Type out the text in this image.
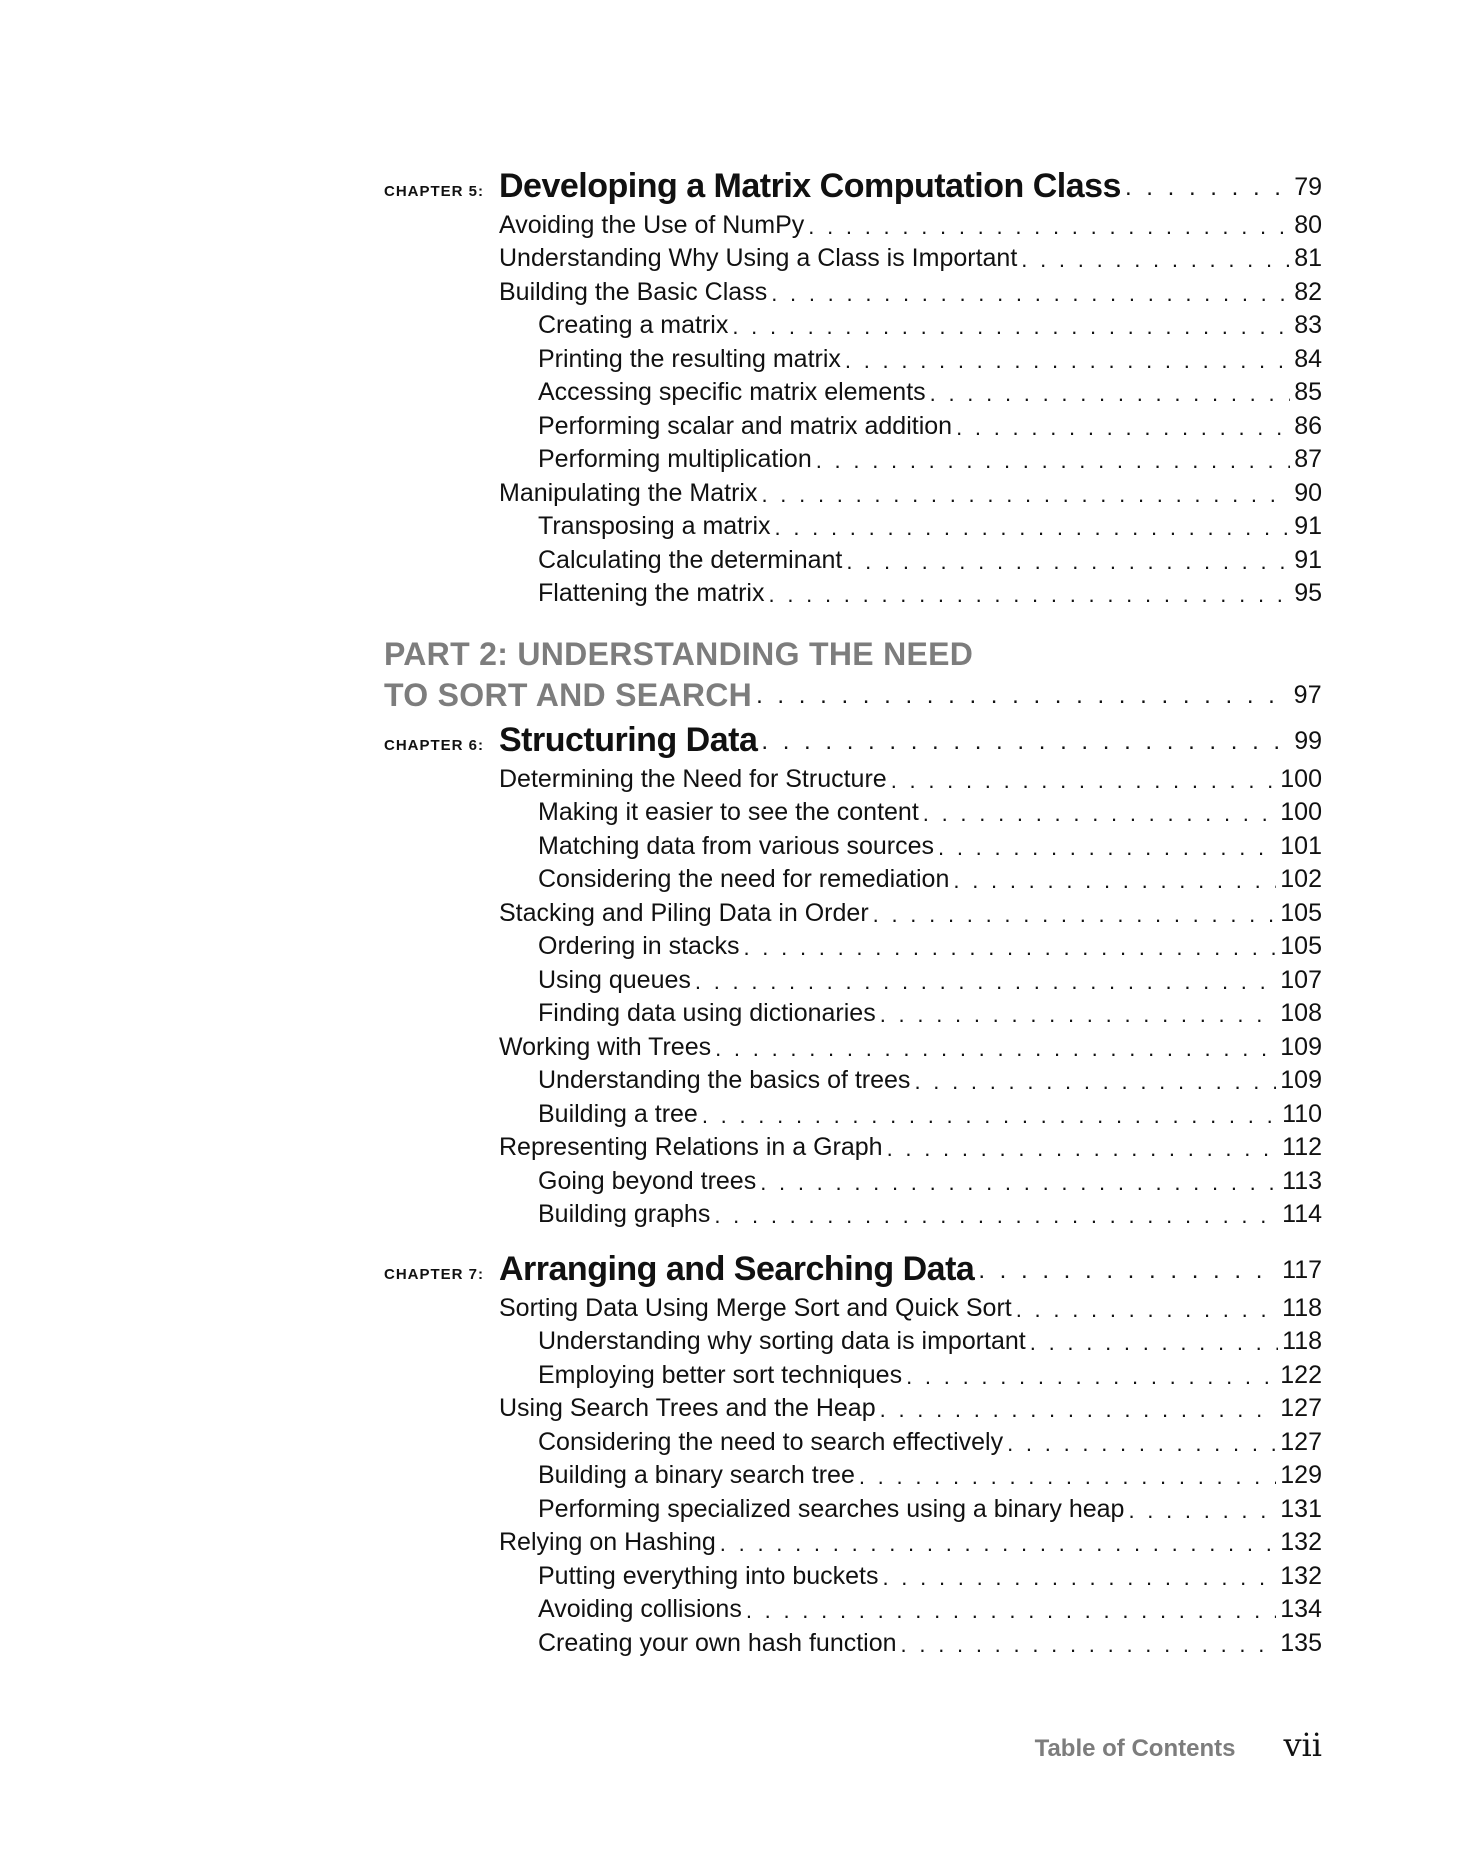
CHAPTER 5: Developing a Matrix Computation Class . . .	79
Avoiding the Use of NumPy . . .	80
Understanding Why Using a Class is Important . . .	81
Building the Basic Class . . .	82
Creating a matrix . . .	83
Printing the resulting matrix . . .	84
Accessing specific matrix elements . . .	85
Performing scalar and matrix addition . . .	86
Performing multiplication . . .	87
Manipulating the Matrix . . .	90
Transposing a matrix . . .	91
Calculating the determinant . . .	91
Flattening the matrix . . .	95
PART 2: UNDERSTANDING THE NEED
TO SORT AND SEARCH . . .	97
CHAPTER 6: Structuring Data . . .	99
Determining the Need for Structure . . .	100
Making it easier to see the content . . .	100
Matching data from various sources . . .	101
Considering the need for remediation . . .	102
Stacking and Piling Data in Order . . .	105
Ordering in stacks . . .	105
Using queues . . .	107
Finding data using dictionaries . . .	108
Working with Trees . . .	109
Understanding the basics of trees . . .	109
Building a tree . . .	110
Representing Relations in a Graph . . .	112
Going beyond trees . . .	113
Building graphs . . .	114
CHAPTER 7: Arranging and Searching Data . . .	117
Sorting Data Using Merge Sort and Quick Sort . . .	118
Understanding why sorting data is important . . .	118
Employing better sort techniques . . .	122
Using Search Trees and the Heap . . .	127
Considering the need to search effectively . . .	127
Building a binary search tree . . .	129
Performing specialized searches using a binary heap . . .	131
Relying on Hashing . . .	132
Putting everything into buckets . . .	132
Avoiding collisions . . .	134
Creating your own hash function . . .	135
Table of Contents vii
